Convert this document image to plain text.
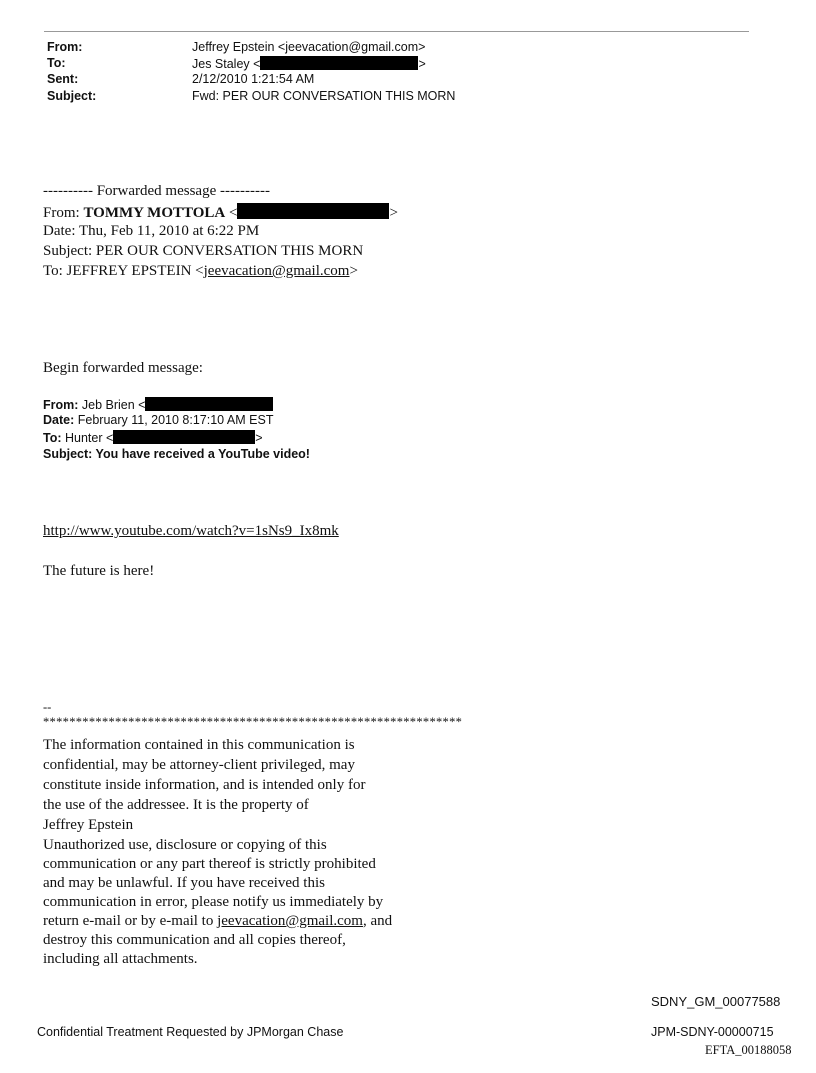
From:	Jeffrey Epstein <jeevacation@gmail.com>
To:	Jes Staley <	>
Sent:	2/12/2010 1:21:54 AM
Subject:	Fwd: PER OUR CONVERSATION THIS MORN
---------- Forwarded message ----------
From: TOMMY MOTTOLA <	>
Date: Thu, Feb 11, 2010 at 6:22 PM
Subject: PER OUR CONVERSATION THIS MORN
To: JEFFREY EPSTEIN <jeevacation@gmail.com>
Begin forwarded message:
From: Jeb Brien <
Date: February 11, 2010 8:17:10 AM EST
To: Hunter <	>
Subject: You have received a YouTube video!
http://www.youtube.com/watch?v=1sNs9_Ix8mk
The future is here!
--
****************************************************************
The information contained in this communication is
confidential, may be attorney-client privileged, may
constitute inside information, and is intended only for
the use of the addressee. It is the property of
Jeffrey Epstein
Unauthorized use, disclosure or copying of this
communication or any part thereof is strictly prohibited
and may be unlawful. If you have received this
communication in error, please notify us immediately by
return e-mail or by e-mail to jeevacation@gmail.com, and
destroy this communication and all copies thereof,
including all attachments.
SDNY_GM_00077588
Confidential Treatment Requested by JPMorgan Chase	JPM-SDNY-00000715
EFTA_00188058
